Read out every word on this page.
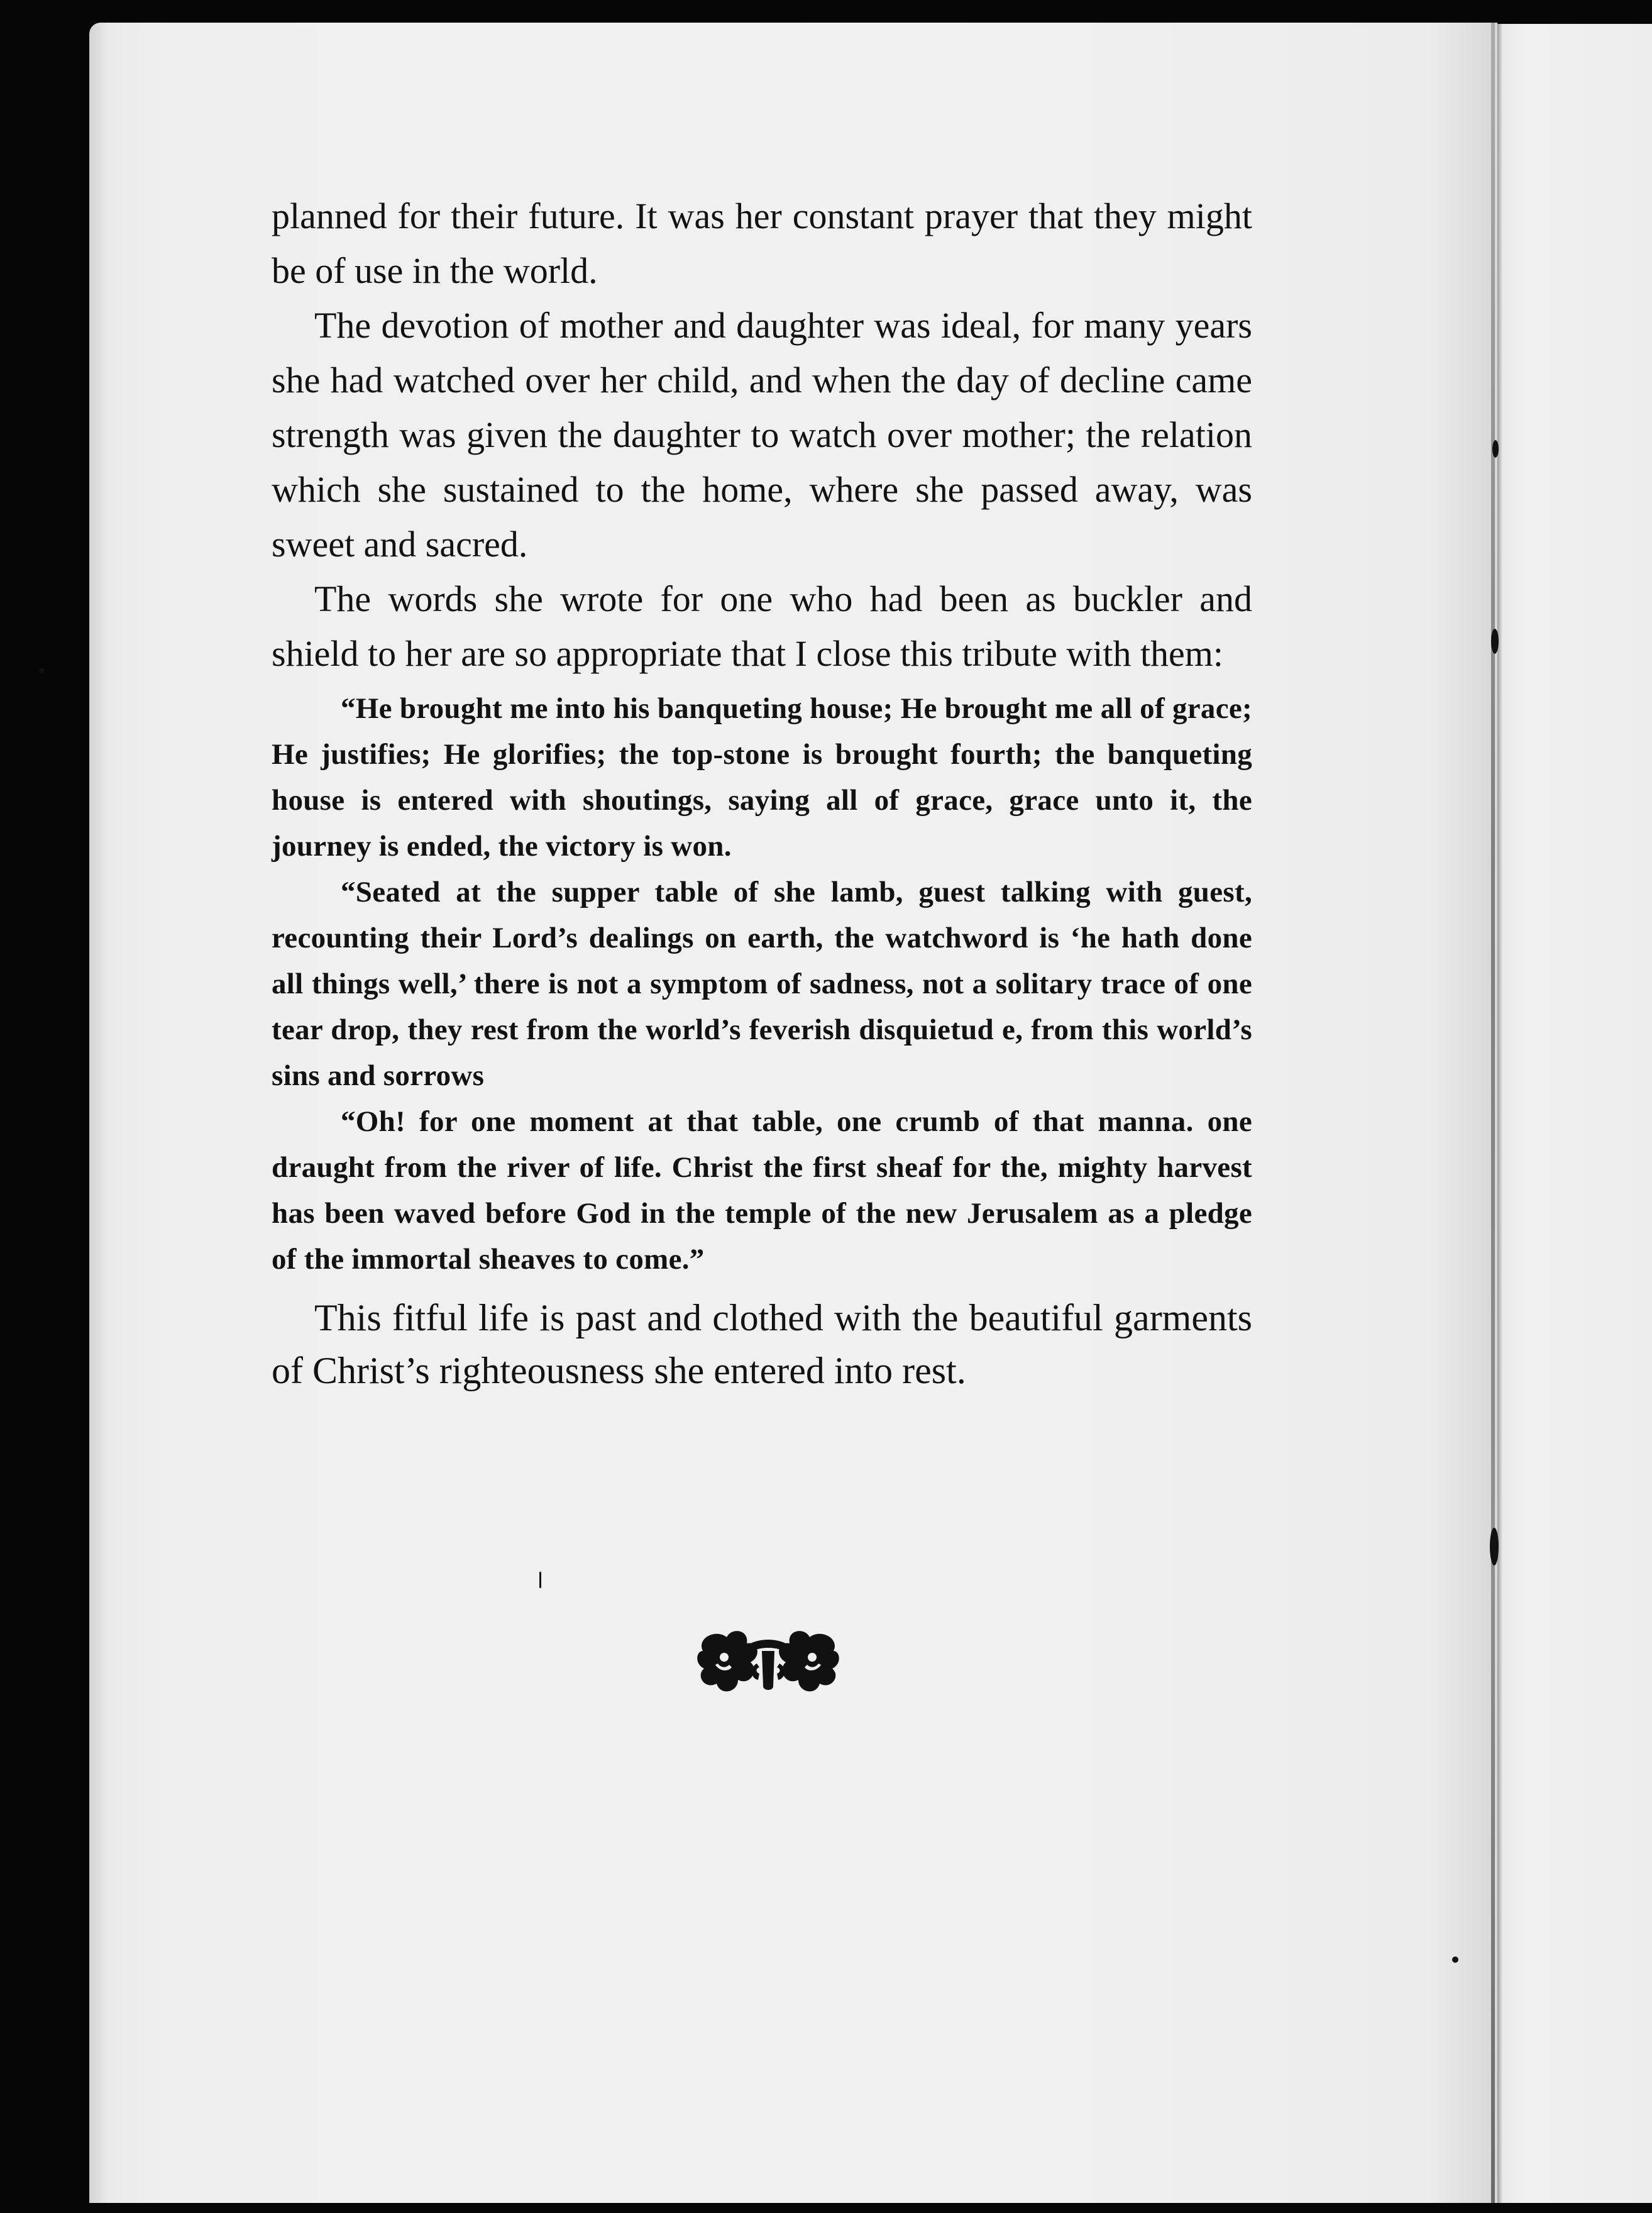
planned for their future. It was her constant prayer that they might be of use in the world.

The devotion of mother and daughter was ideal, for many years she had watched over her child, and when the day of decline came strength was given the daughter to watch over mother; the relation which she sustained to the home, where she passed away, was sweet and sacred.

The words she wrote for one who had been as buckler and shield to her are so appropriate that I close this tribute with them:

“He brought me into his banqueting house; He brought me all of grace; He justifies; He glorifies; the top-stone is brought fourth; the banqueting house is entered with shoutings, saying all of grace, grace unto it, the journey is ended, the victory is won.

“Seated at the supper table of she lamb, guest talking with guest, recounting their Lord’s dealings on earth, the watchword is ‘he hath done all things well,’ there is not a symptom of sadness, not a solitary trace of one tear drop, they rest from the world’s feverish disquietud e, from this world’s sins and sorrows

“Oh! for one moment at that table, one crumb of that manna. one draught from the river of life. Christ the first sheaf for the, mighty harvest has been waved before God in the temple of the new Jerusalem as a pledge of the immortal sheaves to come.”

This fitful life is past and clothed with the beautiful garments of Christ’s righteousness she entered into rest.
